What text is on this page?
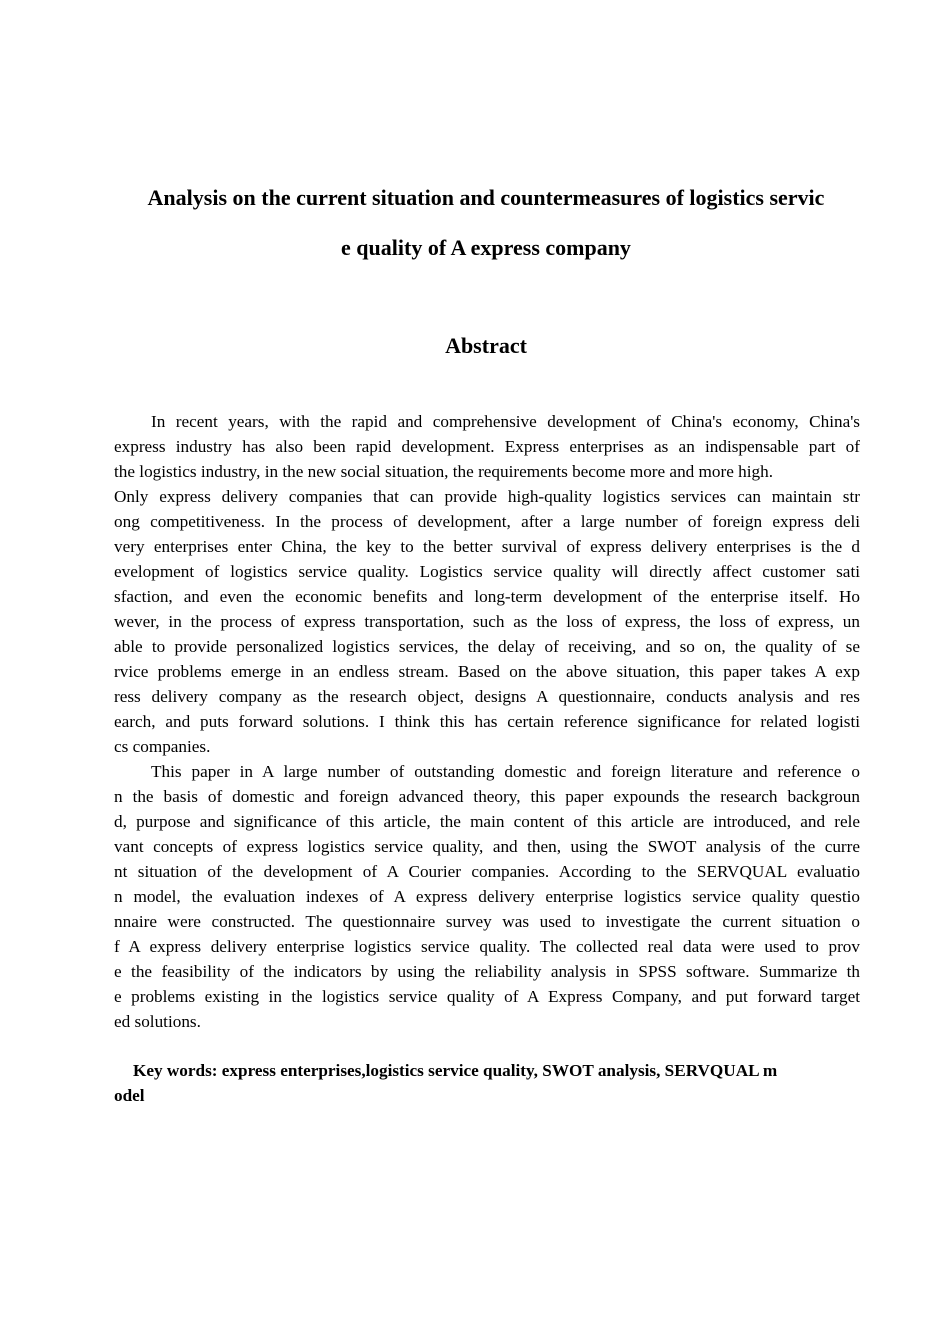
Analysis on the current situation and countermeasures of logistics servic
e quality of A express company
Abstract
In recent years, with the rapid and comprehensive development of China's economy, China's
express industry has also been rapid development. Express enterprises as an indispensable part of
the logistics industry, in the new social situation, the requirements become more and more high.
Only express delivery companies that can provide high-quality logistics services can maintain str
ong competitiveness. In the process of development, after a large number of foreign express deli
very enterprises enter China, the key to the better survival of express delivery enterprises is the d
evelopment of logistics service quality. Logistics service quality will directly affect customer sati
sfaction, and even the economic benefits and long-term development of the enterprise itself. Ho
wever, in the process of express transportation, such as the loss of express, the loss of express, un
able to provide personalized logistics services, the delay of receiving, and so on, the quality of se
rvice problems emerge in an endless stream. Based on the above situation, this paper takes A exp
ress delivery company as the research object, designs A questionnaire, conducts analysis and res
earch, and puts forward solutions. I think this has certain reference significance for related logisti
cs companies.
This paper in A large number of outstanding domestic and foreign literature and reference o
n the basis of domestic and foreign advanced theory, this paper expounds the research backgroun
d, purpose and significance of this article, the main content of this article are introduced, and rele
vant concepts of express logistics service quality, and then, using the SWOT analysis of the curre
nt situation of the development of A Courier companies. According to the SERVQUAL evaluatio
n model, the evaluation indexes of A express delivery enterprise logistics service quality questio
nnaire were constructed. The questionnaire survey was used to investigate the current situation o
f A express delivery enterprise logistics service quality. The collected real data were used to prov
e the feasibility of the indicators by using the reliability analysis in SPSS software. Summarize th
e problems existing in the logistics service quality of A Express Company, and put forward target
ed solutions.
Key words: express enterprises,logistics service quality, SWOT analysis, SERVQUAL m
odel
